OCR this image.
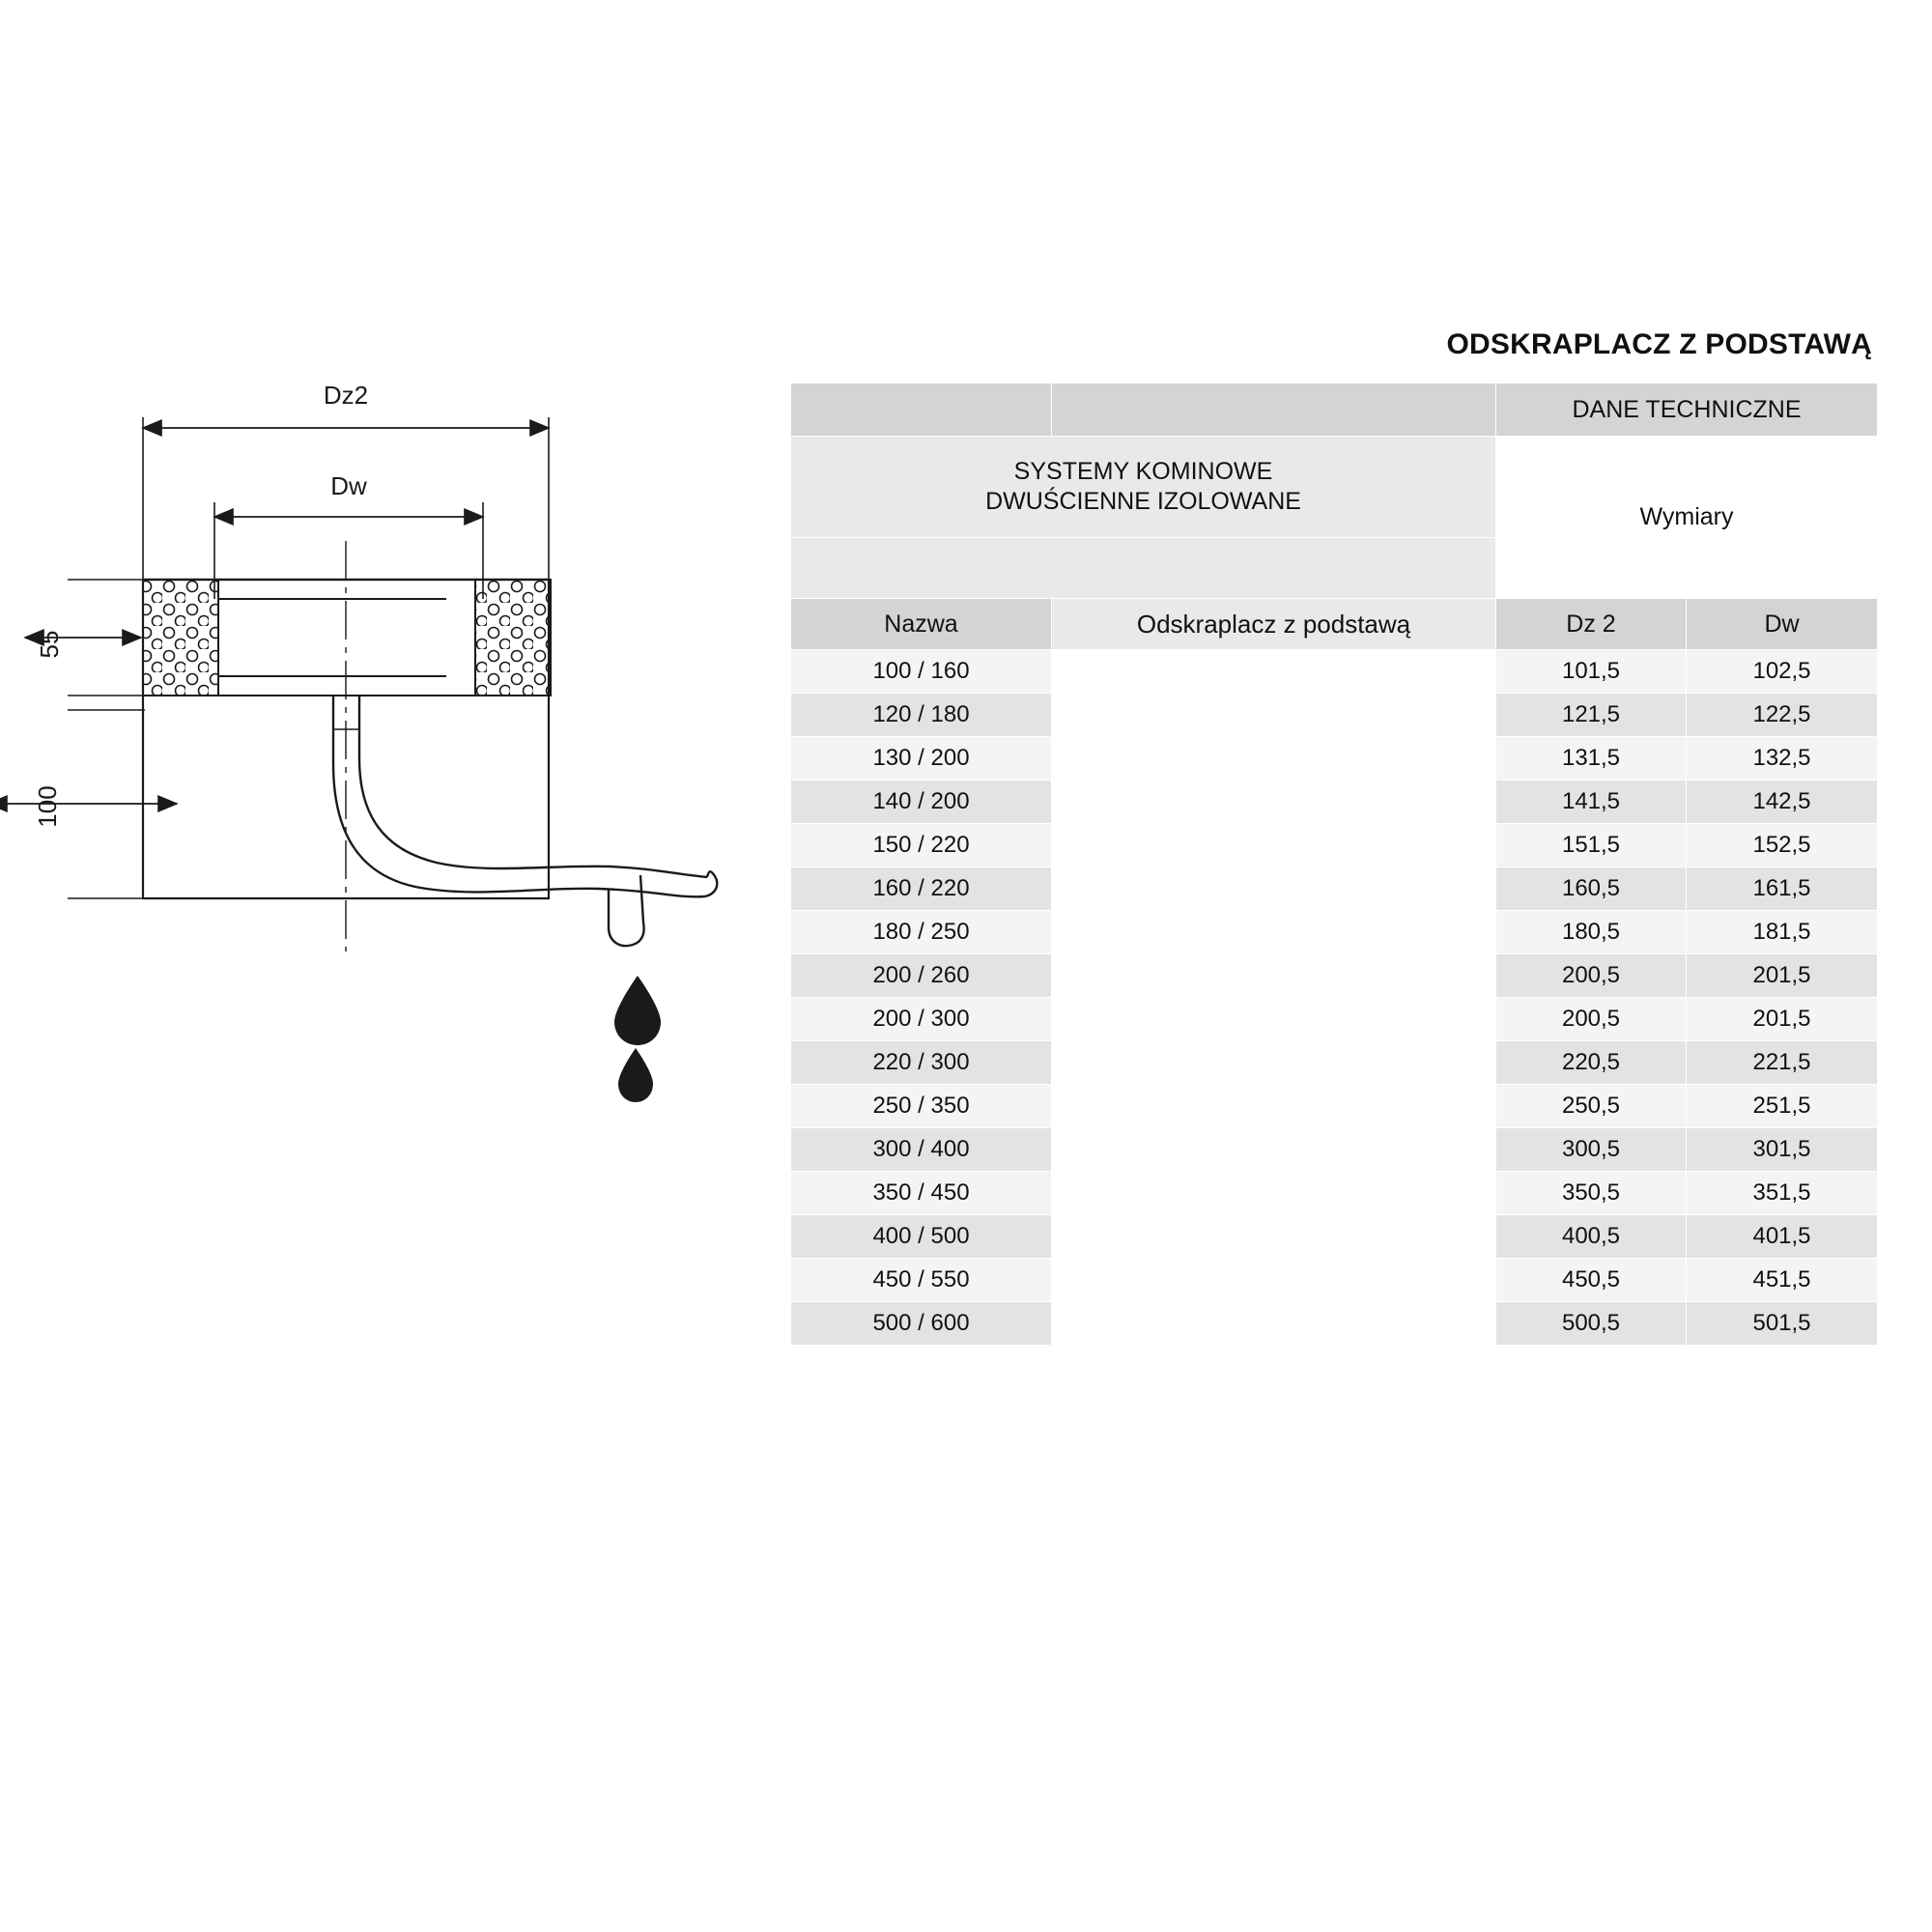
Dz2
Dw
55
100
ODSKRAPLACZ Z PODSTAWĄ
		DANE TECHNICZNE	

SYSTEMY KOMINOWE
DWUŚCIENNE IZOLOWANE		Wymiary	

Nazwa	Odskraplacz z podstawą	Dz 2	Dw
100 / 160		101,5	102,5
120 / 180		121,5	122,5
130 / 200		131,5	132,5
140 / 200		141,5	142,5
150 / 220		151,5	152,5
160 / 220		160,5	161,5
180 / 250		180,5	181,5
200 / 260		200,5	201,5
200 / 300		200,5	201,5
220 / 300		220,5	221,5
250 / 350		250,5	251,5
300 / 400		300,5	301,5
350 / 450		350,5	351,5
400 / 500		400,5	401,5
450 / 550		450,5	451,5
500 / 600		500,5	501,5
